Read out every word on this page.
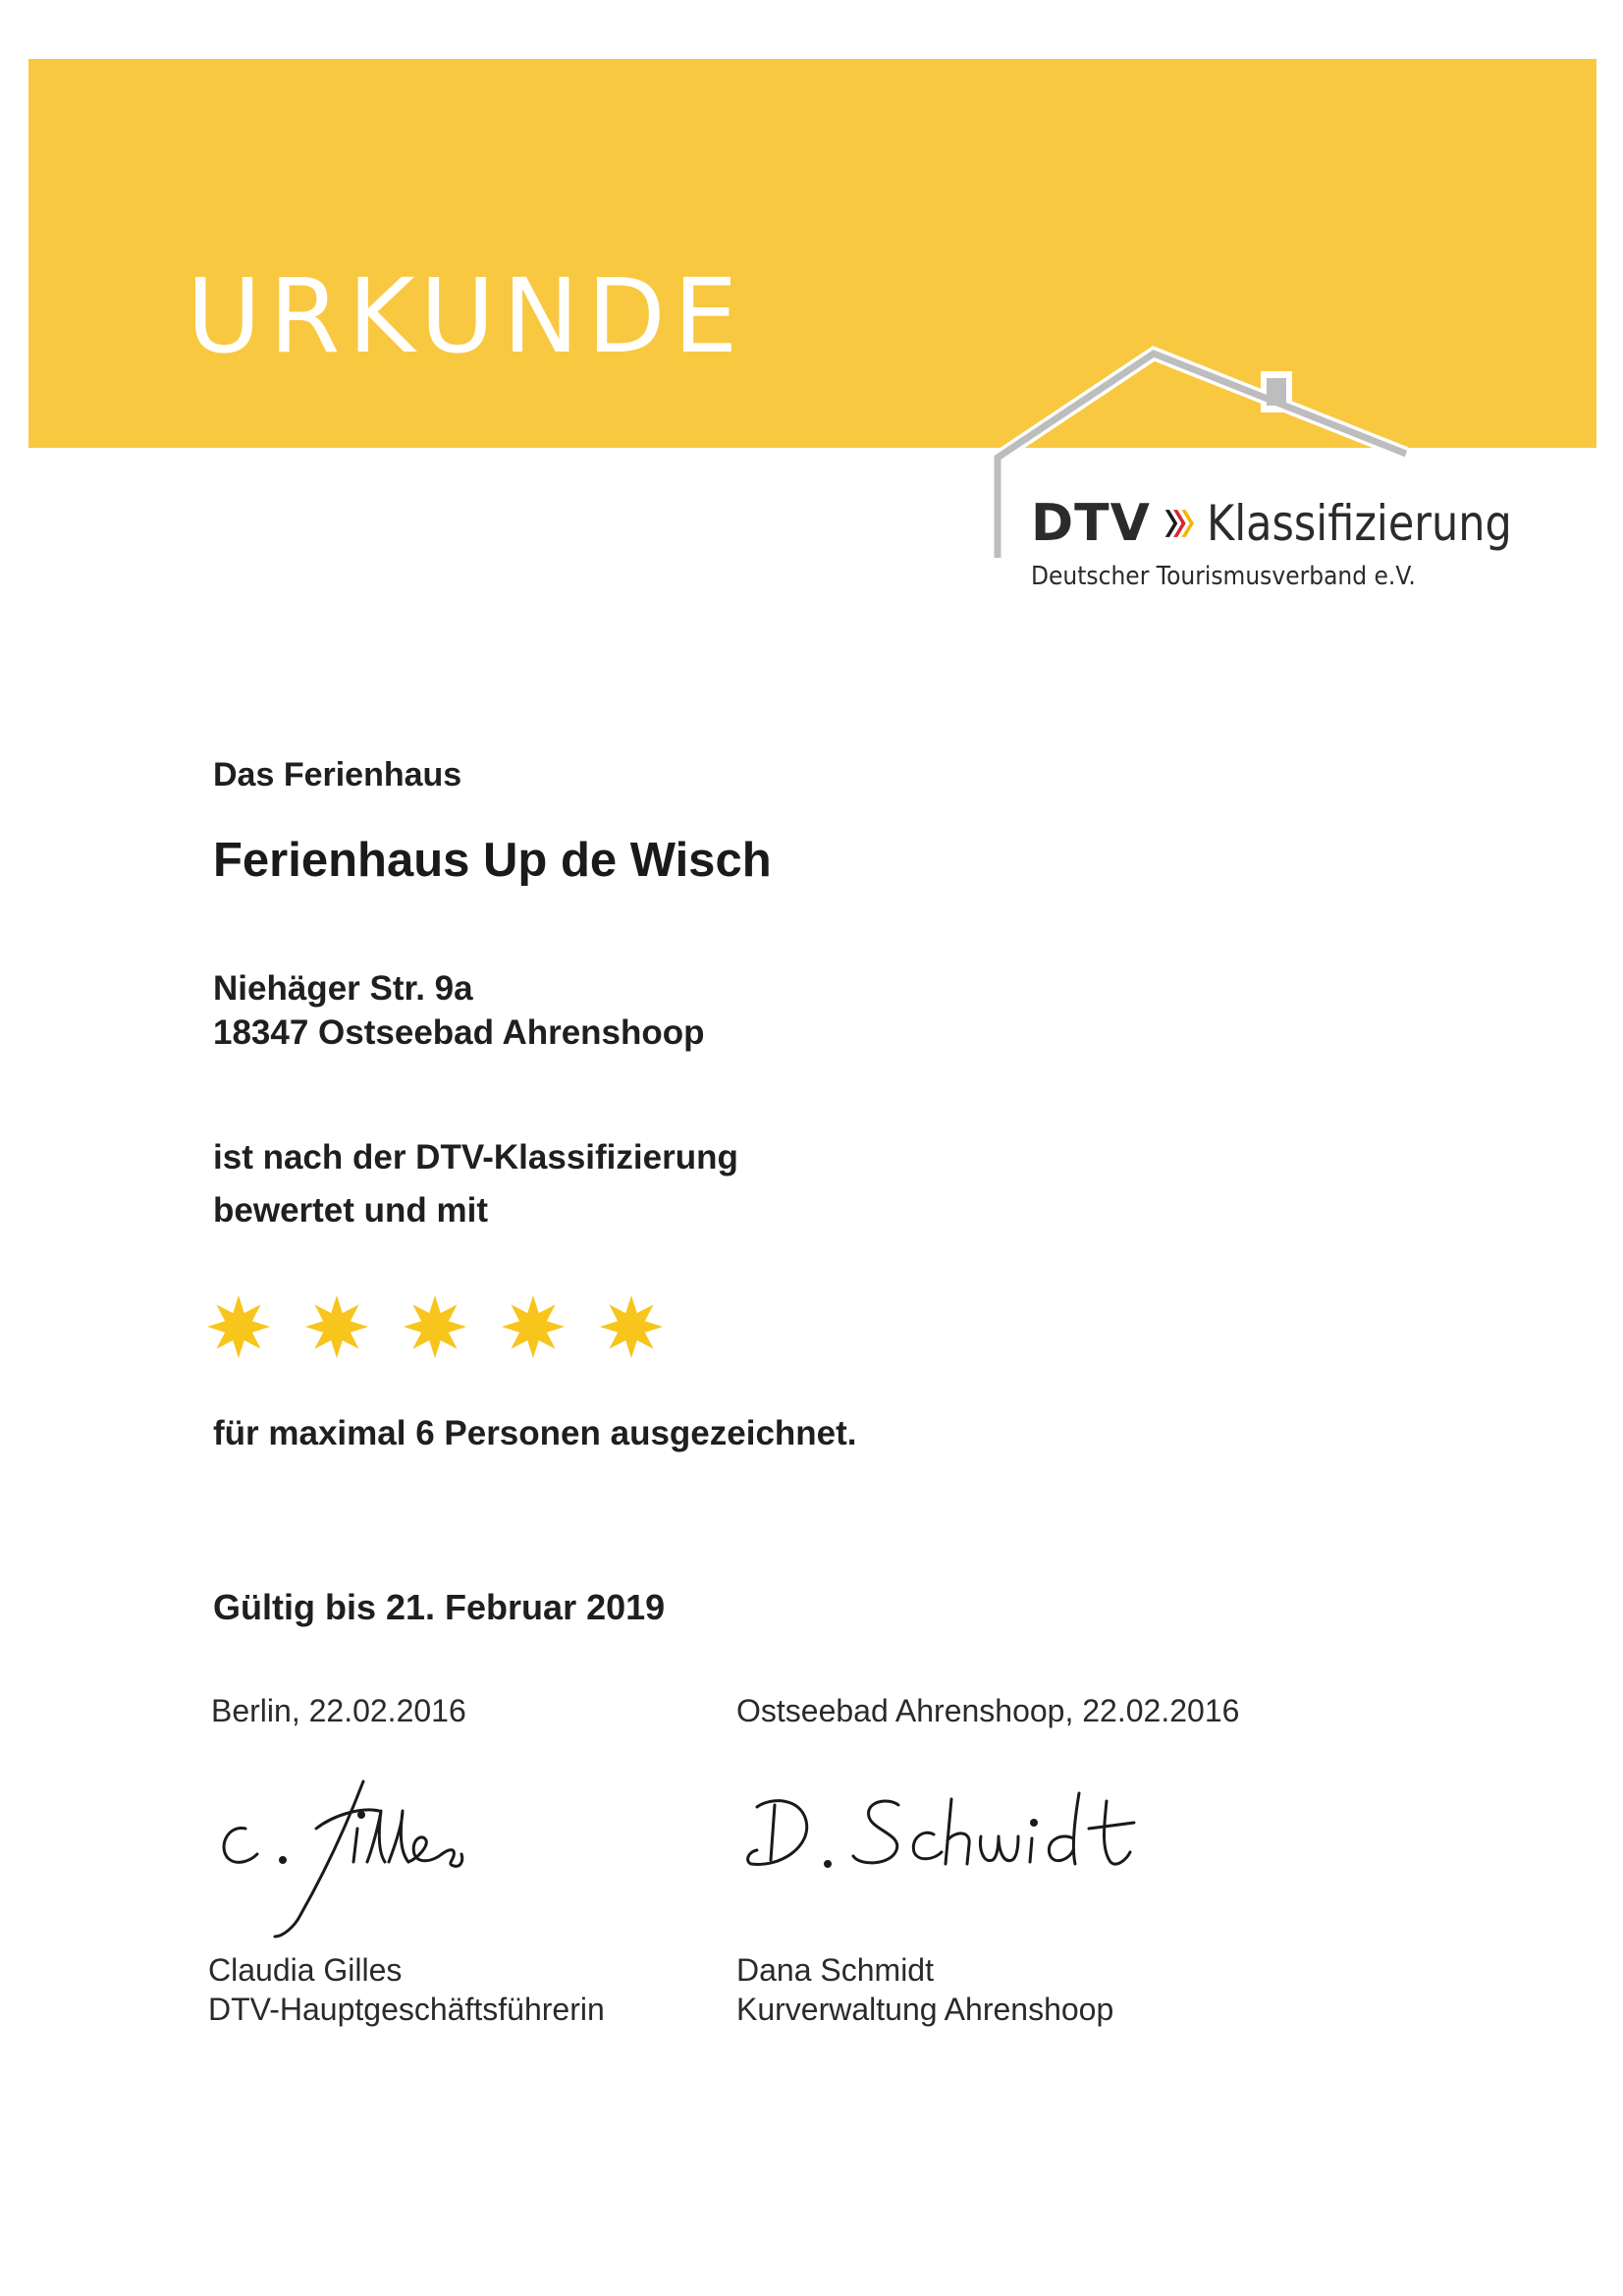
URKUNDE
DTV Klassifizierung
Deutscher Tourismusverband e.V.
Das Ferienhaus
Ferienhaus Up de Wisch
Niehäger Str. 9a
18347 Ostseebad Ahrenshoop
ist nach der DTV-Klassifizierung
bewertet und mit
für maximal 6 Personen ausgezeichnet.
Gültig bis 21. Februar 2019
Berlin, 22.02.2016	Ostseebad Ahrenshoop, 22.02.2016
Claudia Gilles
DTV-Hauptgeschäftsführerin
Dana Schmidt
Kurverwaltung Ahrenshoop
